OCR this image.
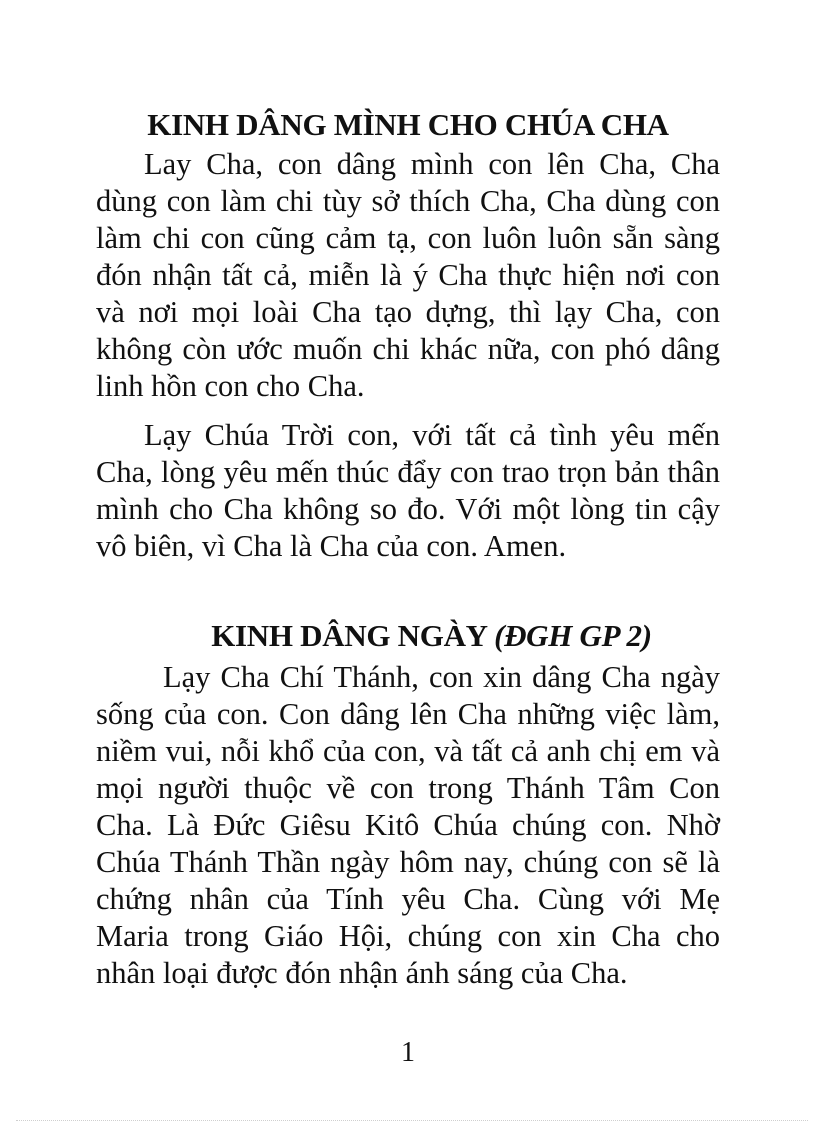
KINH DÂNG MÌNH CHO CHÚA CHA
Lay Cha, con dâng mình con lên Cha, Cha
dùng con làm chi tùy sở thích Cha, Cha dùng con
làm chi con cũng cảm tạ, con luôn luôn sẵn sàng
đón nhận tất cả, miễn là ý Cha thực hiện nơi con
và nơi mọi loài Cha tạo dựng, thì lạy Cha, con
không còn ước muốn chi khác nữa, con phó dâng
linh hồn con cho Cha.
Lạy Chúa Trời con, với tất cả tình yêu mến
Cha, lòng yêu mến thúc đẩy con trao trọn bản thân
mình cho Cha không so đo. Với một lòng tin cậy
vô biên, vì Cha là Cha của con. Amen.
KINH DÂNG NGÀY (ĐGH GP 2)
Lạy Cha Chí Thánh, con xin dâng Cha ngày
sống của con. Con dâng lên Cha những việc làm,
niềm vui, nỗi khổ của con, và tất cả anh chị em và
mọi người thuộc về con trong Thánh Tâm Con
Cha. Là Đức Giêsu Kitô Chúa chúng con. Nhờ
Chúa Thánh Thần ngày hôm nay, chúng con sẽ là
chứng nhân của Tính yêu Cha. Cùng với Mẹ
Maria trong Giáo Hội, chúng con xin Cha cho
nhân loại được đón nhận ánh sáng của Cha.
1
